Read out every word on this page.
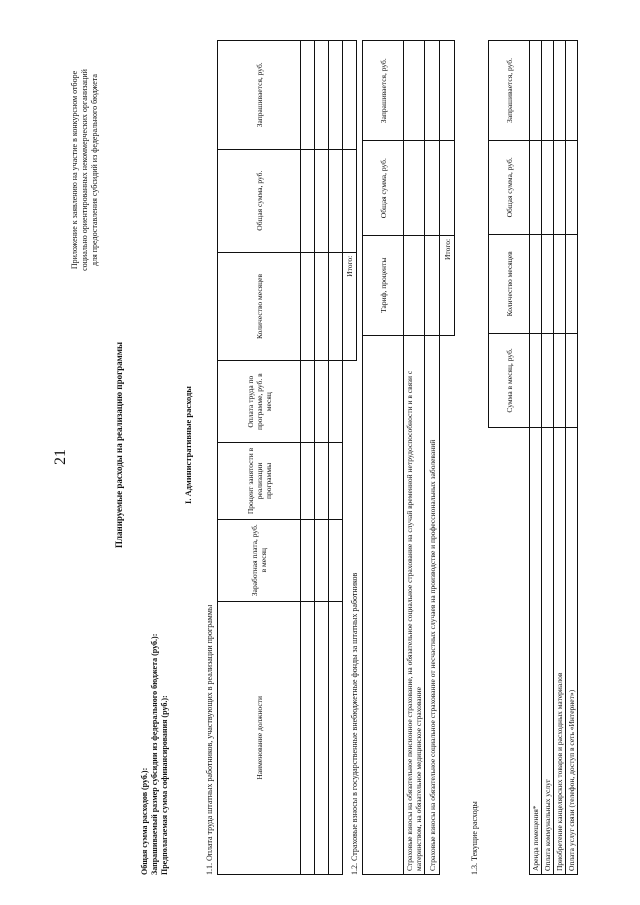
21
Приложение к заявлению на участие в конкурсном отборе социально ориентированных некоммерческих организаций для предоставления субсидий из федерального бюджета
Планируемые расходы на реализацию программы
Общая сумма расходов (руб.): Запрашиваемый размер субсидии из федерального бюджета (руб.): Предполагаемая сумма софинансирования (руб.):
I. Административные расходы
1.1. Оплата труда штатных работников, участвующих в реализации программы	Наименование должности	Заработная плата, руб. в месяц	Процент занятости в реализации программы	Оплата труда по программе, руб. в месяц	Количество месяцев	Общая сумма, руб.	Запрашивается, руб.

				Итого:		
1.2. Страховые взносы в государственные внебюджетные фонды за штатных работников
	Тариф, проценты	Общая сумма, руб.	Запрашивается, руб.
Страховые взносы на обязательное пенсионное страхование, на обязательное социальное страхование на случай временной нетрудоспособности и в связи с материнством, на обязательное медицинское страхование			
Страховые взносы на обязательное социальное страхование от несчастных случаев на производстве и профессиональных заболеваний			
	Итого:		
1.3. Текущие расходы
	Сумма в месяц, руб.	Количество месяцев	Общая сумма, руб.	Запрашивается, руб.
Аренда помещения*				
Оплата коммунальных услуг				
Приобретение канцелярских товаров и расходных материалов				
Оплата услуг связи (телефон, доступ в сеть «Интернет»)				
